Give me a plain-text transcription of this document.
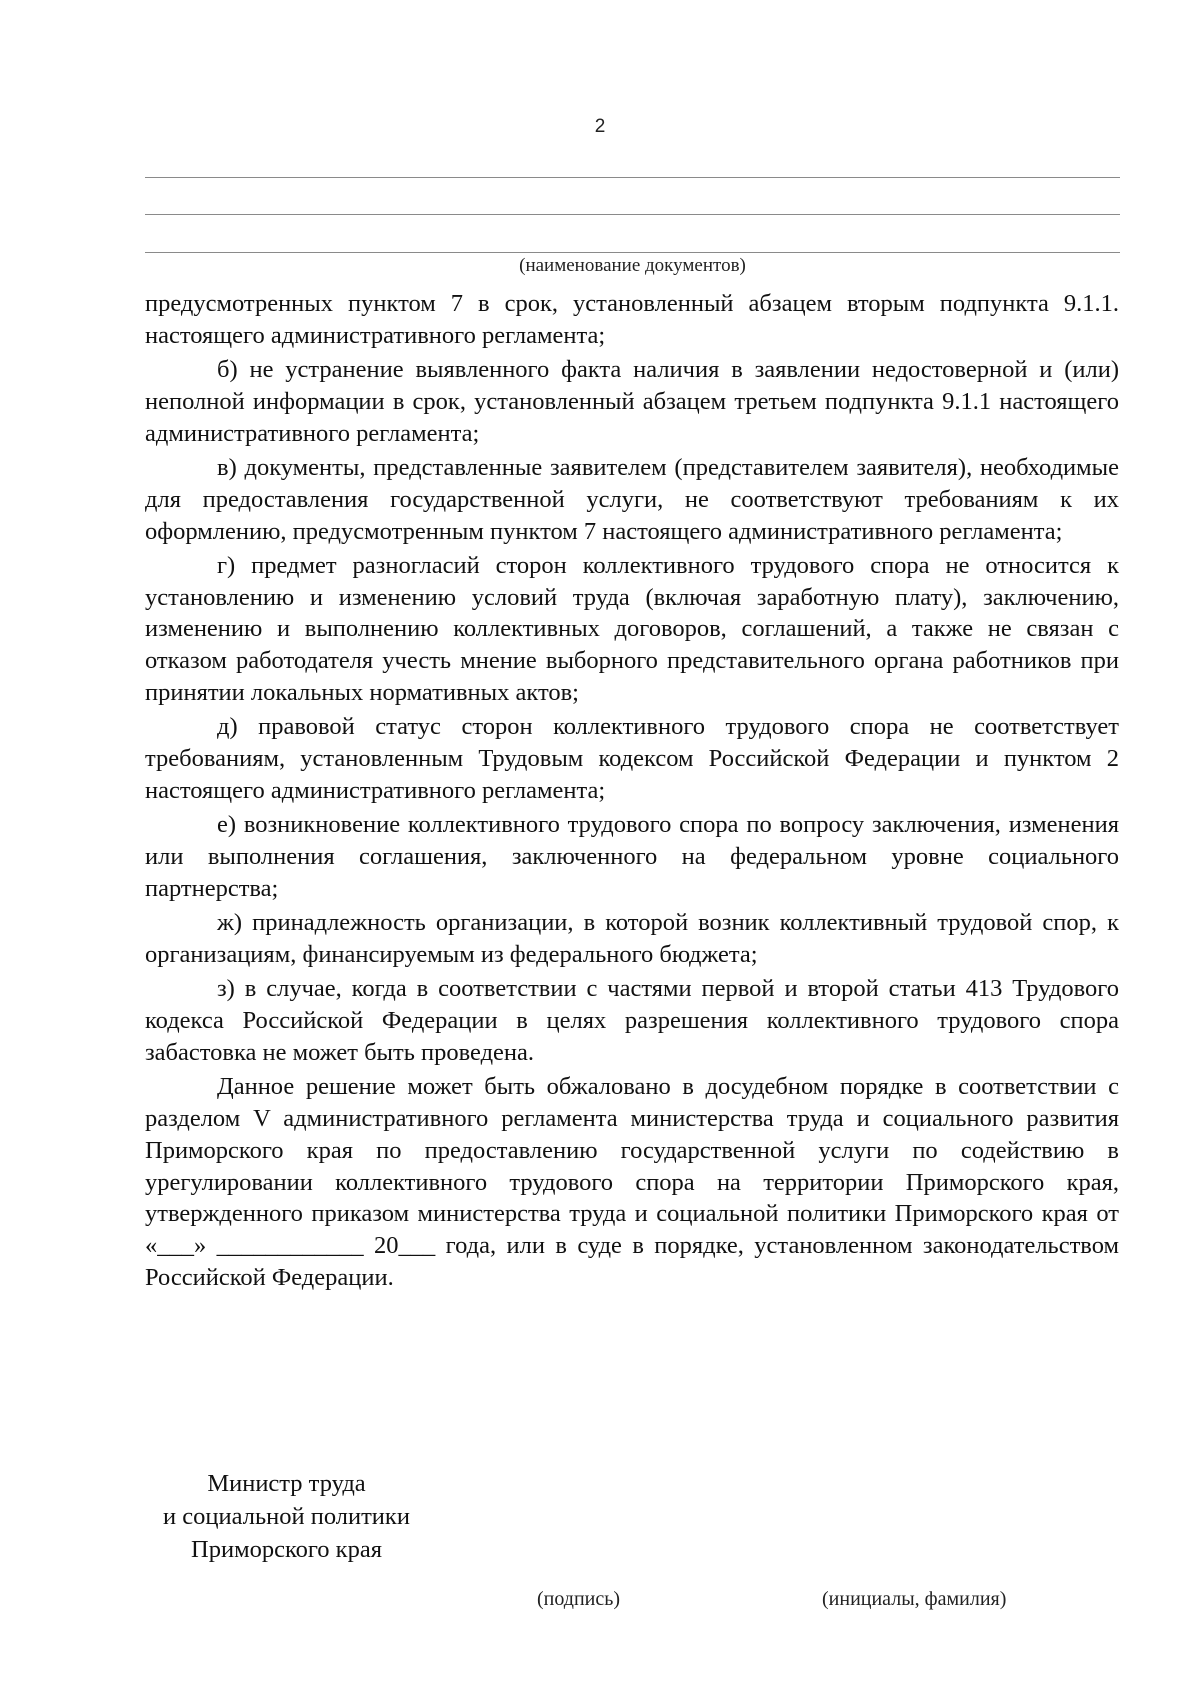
2
(наименование документов)

предусмотренных пунктом 7 в срок, установленный абзацем вторым подпункта 9.1.1. настоящего административного регламента;

б) не устранение выявленного факта наличия в заявлении недостоверной и (или) неполной информации в срок, установленный абзацем третьем подпункта 9.1.1 настоящего административного регламента;

в) документы, представленные заявителем (представителем заявителя), необходимые для предоставления государственной услуги, не соответствуют требованиям к их оформлению, предусмотренным пунктом 7 настоящего административного регламента;

г) предмет разногласий сторон коллективного трудового спора не относится к установлению и изменению условий труда (включая заработную плату), заключению, изменению и выполнению коллективных договоров, соглашений, а также не связан с отказом работодателя учесть мнение выборного представительного органа работников при принятии локальных нормативных актов;

д) правовой статус сторон коллективного трудового спора не соответствует требованиям, установленным Трудовым кодексом Российской Федерации и пунктом 2 настоящего административного регламента;

е) возникновение коллективного трудового спора по вопросу заключения, изменения или выполнения соглашения, заключенного на федеральном уровне социального партнерства;

ж) принадлежность организации, в которой возник коллективный трудовой спор, к организациям, финансируемым из федерального бюджета;

з) в случае, когда в соответствии с частями первой и второй статьи 413 Трудового кодекса Российской Федерации в целях разрешения коллективного трудового спора забастовка не может быть проведена.

Данное решение может быть обжаловано в досудебном порядке в соответствии с разделом V административного регламента министерства труда и социального развития Приморского края по предоставлению государственной услуги по содействию в урегулировании коллективного трудового спора на территории Приморского края, утвержденного приказом министерства труда и социальной политики Приморского края от «___» ____________ 20___ года, или в суде в порядке, установленном законодательством Российской Федерации.

Министр труда
и социальной политики
Приморского края
(подпись)	(инициалы, фамилия)
